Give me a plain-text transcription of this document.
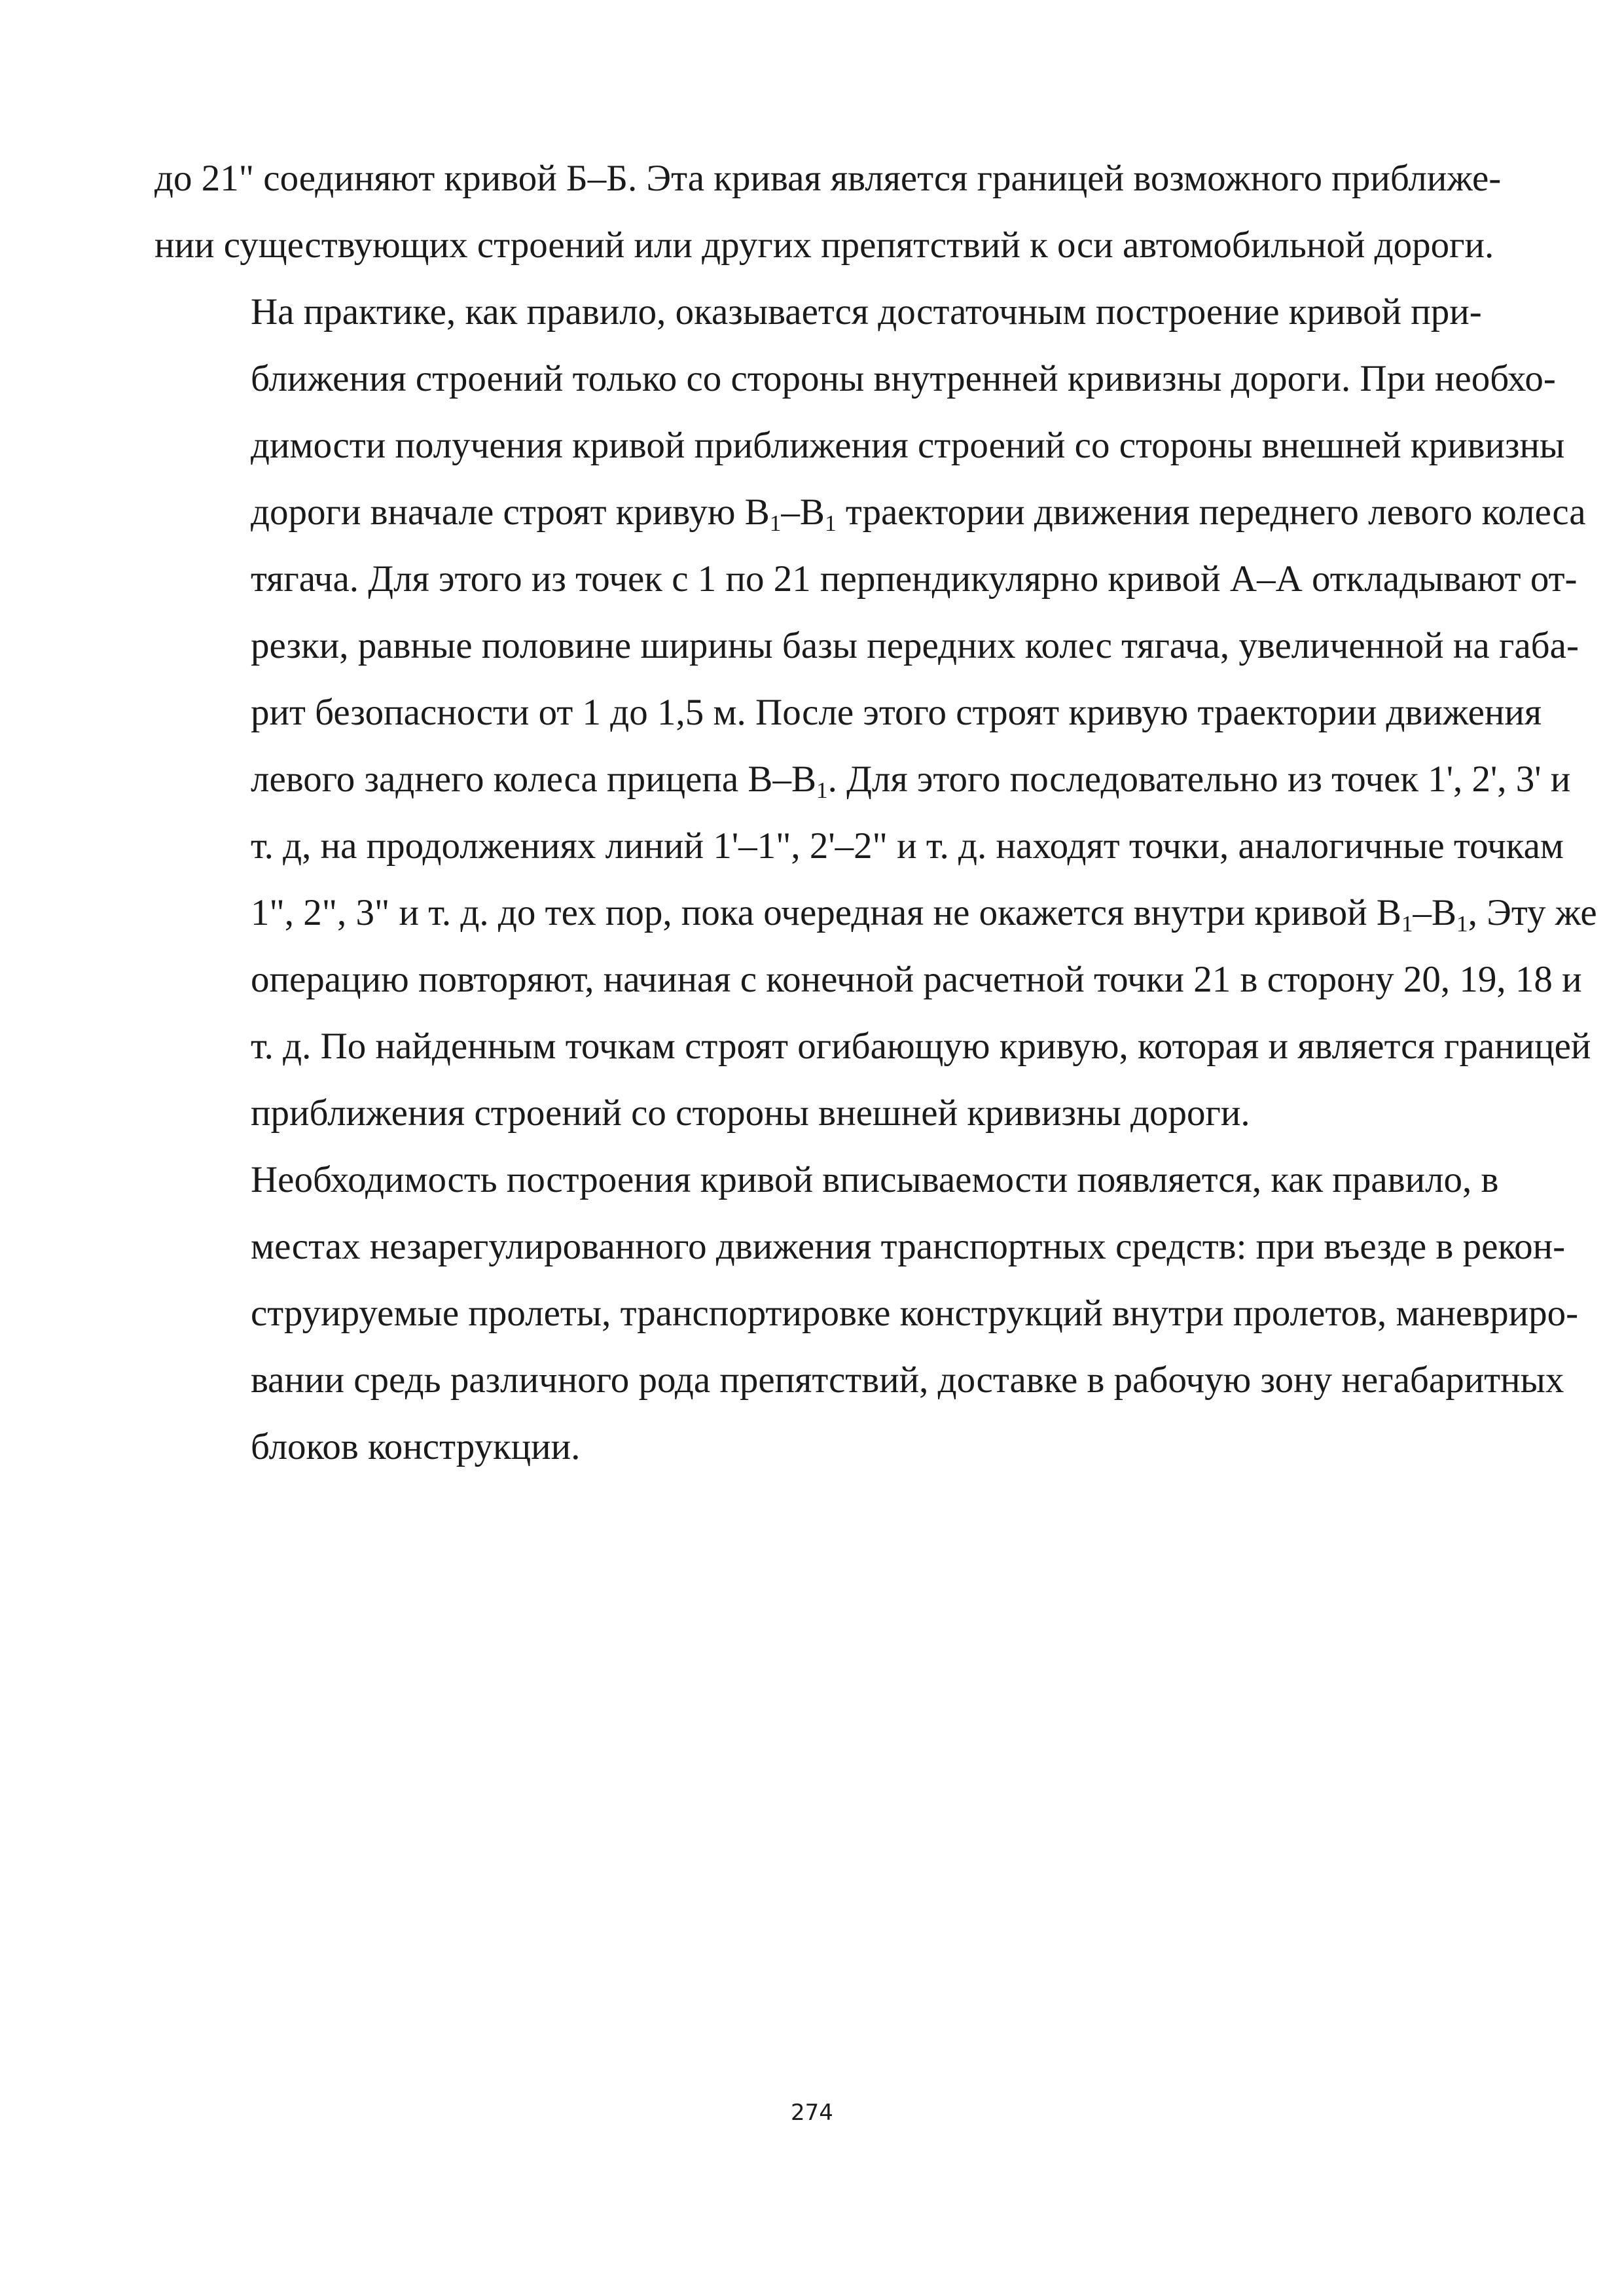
до 21" соединяют кривой Б–Б. Эта кривая является границей возможного приближе-
нии существующих строений или других препятствий к оси автомобильной дороги.

На практике, как правило, оказывается достаточным построение кривой при-
ближения строений только со стороны внутренней кривизны дороги. При необхо-
димости получения кривой приближения строений со стороны внешней кривизны
дороги вначале строят кривую $В_1-В_1$ траектории движения переднего левого колеса
тягача. Для этого из точек с 1 по 21 перпендикулярно кривой А–А откладывают от-
резки, равные половине ширины базы передних колес тягача, увеличенной на габа-
рит безопасности от 1 до 1,5 м. После этого строят кривую траектории движения
левого заднего колеса прицепа $В-В_1$. Для этого последовательно из точек 1', 2', 3' и
т. д, на продолжениях линий 1'–1", 2'–2" и т. д. находят точки, аналогичные точкам
1", 2", 3" и т. д. до тех пор, пока очередная не окажется внутри кривой $В_1-В_1$, Эту же
операцию повторяют, начиная с конечной расчетной точки 21 в сторону 20, 19, 18 и
т. д. По найденным точкам строят огибающую кривую, которая и является границей
приближения строений со стороны внешней кривизны дороги.

Необходимость построения кривой вписываемости появляется, как правило, в
местах незарегулированного движения транспортных средств: при въезде в рекон-
струируемые пролеты, транспортировке конструкций внутри пролетов, маневриро-
вании средь различного рода препятствий, доставке в рабочую зону негабаритных
блоков конструкции.

274
